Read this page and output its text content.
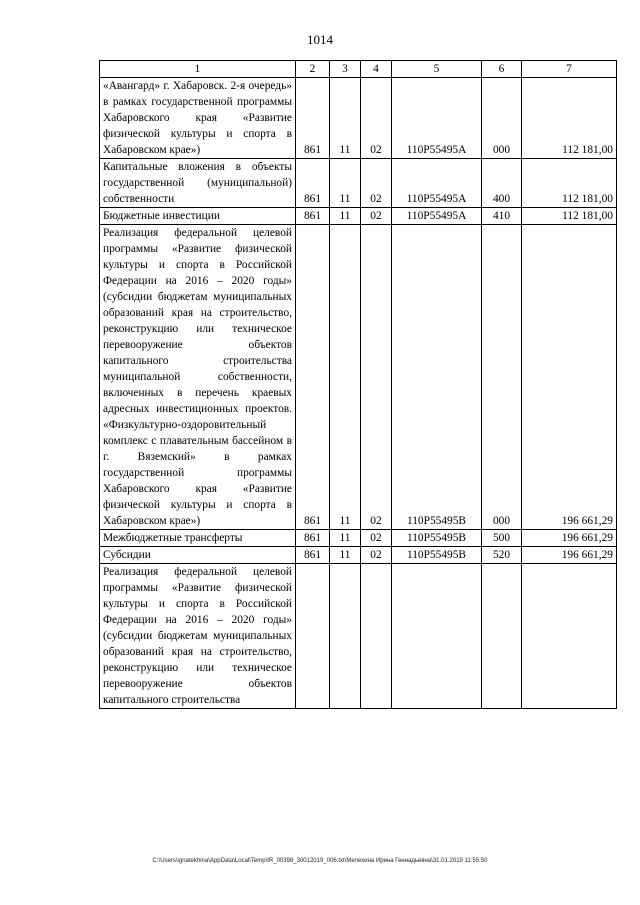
1014
1	2	3	4	5	6	7
«Авангард» г. Хабаровск. 2-я очередь» в рамках государственной программы Хабаровского края «Развитие физической культуры и спорта в Хабаровском крае»)	861	11	02	110P55495А	000	112 181,00
Капитальные вложения в объекты государственной (муниципальной) собственности	861	11	02	110P55495А	400	112 181,00
Бюджетные инвестиции	861	11	02	110P55495А	410	112 181,00
Реализация федеральной целевой программы «Развитие физической культуры и спорта в Российской Федерации на 2016 – 2020 годы» (субсидии бюджетам муниципальных образований края на строительство, реконструкцию или техническое перевооружение объектов капитального строительства муниципальной собственности, включенных в перечень краевых адресных инвестиционных проектов. «Физкультурно-оздоровительный комплекс с плавательным бассейном в г. Вяземский» в рамках государственной программы Хабаровского края «Развитие физической культуры и спорта в Хабаровском крае»)	861	11	02	110P55495В	000	196 661,29
Межбюджетные трансферты	861	11	02	110P55495В	500	196 661,29
Субсидии	861	11	02	110P55495В	520	196 661,29
Реализация федеральной целевой программы «Развитие физической культуры и спорта в Российской Федерации на 2016 – 2020 годы» (субсидии бюджетам муниципальных образований края на строительство, реконструкцию или техническое перевооружение объектов капитального строительства						
C:\Users\ignatekhina\AppData\Local\Temp\IR_00398_30012019_006.txt\Мелехина Ирина Геннадьевна\31.01.2019 11:55:50
